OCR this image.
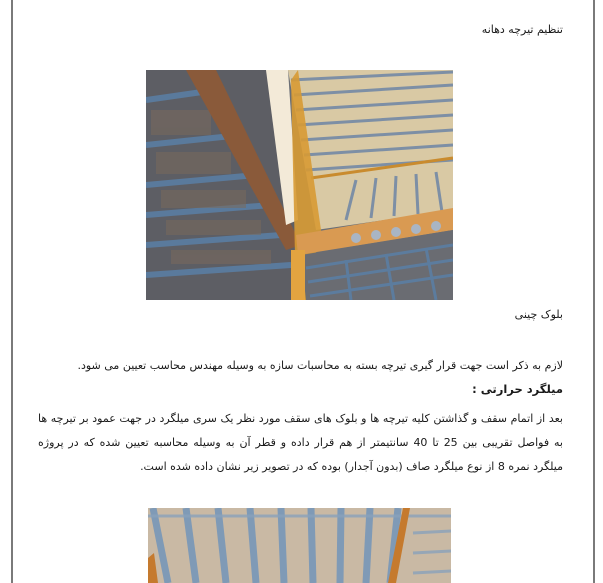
تنظیم تیرچه دهانه
بلوک چینی
لازم به ذکر است جهت قرار گیری تیرچه بسته به محاسبات سازه به وسیله مهندس محاسب تعیین می شود.
میلگرد حرارتی :
بعد از اتمام سقف و گذاشتن کلیه تیرچه ها و بلوک های سقف مورد نظر یک سری میلگرد در جهت عمود بر تیرچه ها به فواصل تقریبی بین 25 تا 40 سانتیمتر از هم قرار داده و قطر آن به وسیله محاسبه تعیین شده که در پروژه میلگرد نمره 8 از نوع میلگرد صاف (بدون آجدار) بوده که در تصویر زیر نشان داده شده است.
